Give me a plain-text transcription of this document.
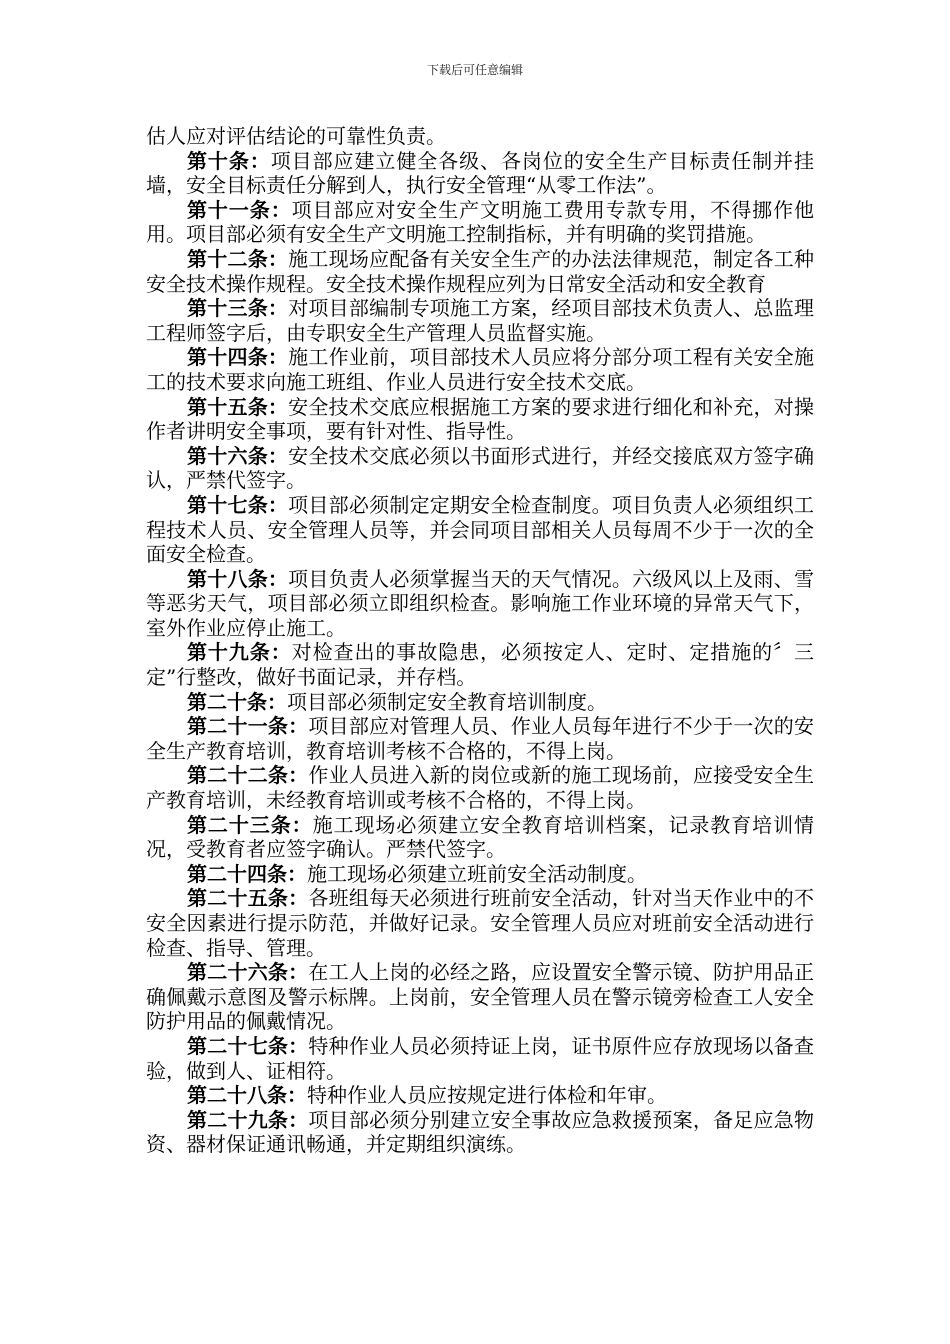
下载后可任意编辑

估人应对评估结论的可靠性负责。

第十条：项目部应建立健全各级、各岗位的安全生产目标责任制并挂墙，安全目标责任分解到人，执行安全管理“从零工作法”。

第十一条：项目部应对安全生产文明施工费用专款专用，不得挪作他用。项目部必须有安全生产文明施工控制指标，并有明确的奖罚措施。

第十二条：施工现场应配备有关安全生产的办法法律规范，制定各工种安全技术操作规程。安全技术操作规程应列为日常安全活动和安全教育

第十三条：对项目部编制专项施工方案，经项目部技术负责人、总监理工程师签字后，由专职安全生产管理人员监督实施。

第十四条：施工作业前，项目部技术人员应将分部分项工程有关安全施工的技术要求向施工班组、作业人员进行安全技术交底。

第十五条：安全技术交底应根据施工方案的要求进行细化和补充，对操作者讲明安全事项，要有针对性、指导性。

第十六条：安全技术交底必须以书面形式进行，并经交接底双方签字确认，严禁代签字。

第十七条：项目部必须制定定期安全检查制度。项目负责人必须组织工程技术人员、安全管理人员等，并会同项目部相关人员每周不少于一次的全面安全检查。

第十八条：项目负责人必须掌握当天的天气情况。六级风以上及雨、雪等恶劣天气，项目部必须立即组织检查。影响施工作业环境的异常天气下，室外作业应停止施工。

第十九条：对检查出的事故隐患，必须按定人、定时、定措施的〞三定”行整改，做好书面记录，并存档。

第二十条：项目部必须制定安全教育培训制度。

第二十一条：项目部应对管理人员、作业人员每年进行不少于一次的安全生产教育培训，教育培训考核不合格的，不得上岗。

第二十二条：作业人员进入新的岗位或新的施工现场前，应接受安全生产教育培训，未经教育培训或考核不合格的，不得上岗。

第二十三条：施工现场必须建立安全教育培训档案，记录教育培训情况，受教育者应签字确认。严禁代签字。

第二十四条：施工现场必须建立班前安全活动制度。

第二十五条：各班组每天必须进行班前安全活动，针对当天作业中的不安全因素进行提示防范，并做好记录。安全管理人员应对班前安全活动进行检查、指导、管理。

第二十六条：在工人上岗的必经之路，应设置安全警示镜、防护用品正确佩戴示意图及警示标牌。上岗前，安全管理人员在警示镜旁检查工人安全防护用品的佩戴情况。

第二十七条：特种作业人员必须持证上岗，证书原件应存放现场以备查验，做到人、证相符。

第二十八条：特种作业人员应按规定进行体检和年审。

第二十九条：项目部必须分别建立安全事故应急救援预案，备足应急物资、器材保证通讯畅通，并定期组织演练。
